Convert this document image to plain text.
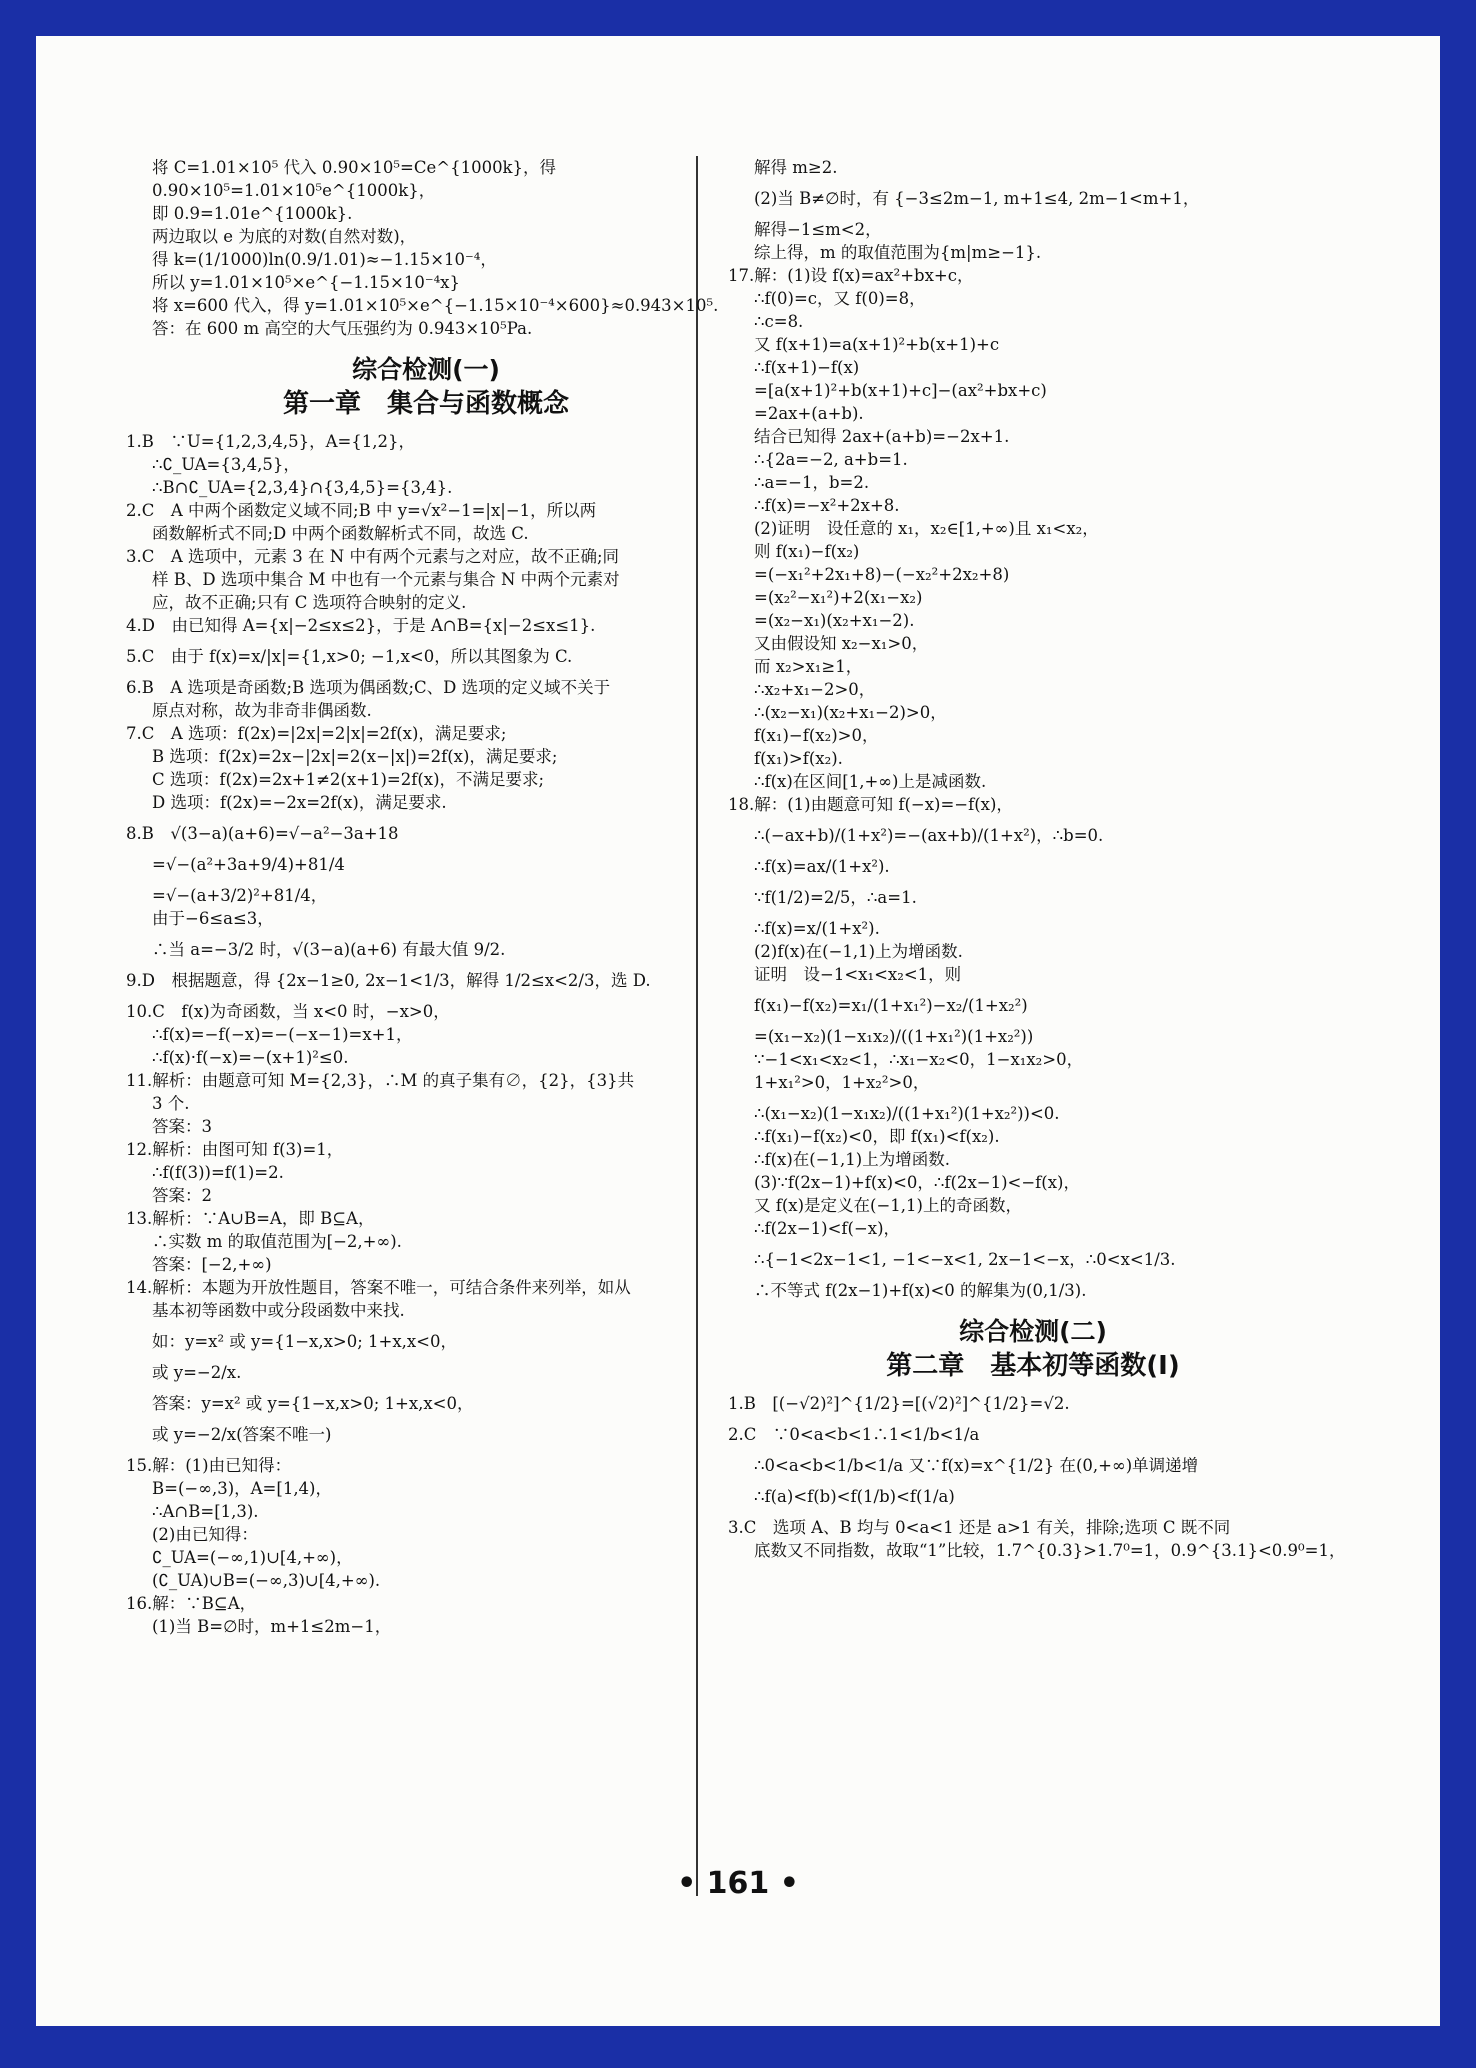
将 C=1.01×10⁵ 代入 0.90×10⁵=Ce^{1000k}，得
0.90×10⁵=1.01×10⁵e^{1000k}，
即 0.9=1.01e^{1000k}.
两边取以 e 为底的对数(自然对数)，
得 k=(1/1000)ln(0.9/1.01)≈−1.15×10⁻⁴，
所以 y=1.01×10⁵×e^{−1.15×10⁻⁴x}
将 x=600 代入，得 y=1.01×10⁵×e^{−1.15×10⁻⁴×600}≈0.943×10⁵.
答：在 600 m 高空的大气压强约为 0.943×10⁵Pa.
综合检测(一)
第一章　集合与函数概念
1.B　∵U={1,2,3,4,5}，A={1,2}，
∴∁_UA={3,4,5}，
∴B∩∁_UA={2,3,4}∩{3,4,5}={3,4}.
2.C　A 中两个函数定义域不同;B 中 y=√x²−1=|x|−1，所以两
函数解析式不同;D 中两个函数解析式不同，故选 C.
3.C　A 选项中，元素 3 在 N 中有两个元素与之对应，故不正确;同
样 B、D 选项中集合 M 中也有一个元素与集合 N 中两个元素对
应，故不正确;只有 C 选项符合映射的定义.
4.D　由已知得 A={x|−2≤x≤2}，于是 A∩B={x|−2≤x≤1}.
5.C　由于 f(x)=x/|x|={1,x>0; −1,x<0，所以其图象为 C.
6.B　A 选项是奇函数;B 选项为偶函数;C、D 选项的定义域不关于
原点对称，故为非奇非偶函数.
7.C　A 选项：f(2x)=|2x|=2|x|=2f(x)，满足要求;
B 选项：f(2x)=2x−|2x|=2(x−|x|)=2f(x)，满足要求;
C 选项：f(2x)=2x+1≠2(x+1)=2f(x)，不满足要求;
D 选项：f(2x)=−2x=2f(x)，满足要求.
8.B　√(3−a)(a+6)=√−a²−3a+18
=√−(a²+3a+9/4)+81/4
=√−(a+3/2)²+81/4，
由于−6≤a≤3，
∴当 a=−3/2 时，√(3−a)(a+6) 有最大值 9/2.
9.D　根据题意，得 {2x−1≥0, 2x−1<1/3，解得 1/2≤x<2/3，选 D.
10.C　f(x)为奇函数，当 x<0 时，−x>0，
∴f(x)=−f(−x)=−(−x−1)=x+1，
∴f(x)·f(−x)=−(x+1)²≤0.
11.解析：由题意可知 M={2,3}，∴M 的真子集有∅，{2}，{3}共
3 个.
答案：3
12.解析：由图可知 f(3)=1，
∴f(f(3))=f(1)=2.
答案：2
13.解析：∵A∪B=A，即 B⊆A，
∴实数 m 的取值范围为[−2,+∞).
答案：[−2,+∞)
14.解析：本题为开放性题目，答案不唯一，可结合条件来列举，如从
基本初等函数中或分段函数中来找.
如：y=x² 或 y={1−x,x>0; 1+x,x<0，
或 y=−2/x.
答案：y=x² 或 y={1−x,x>0; 1+x,x<0，
或 y=−2/x(答案不唯一)
15.解：(1)由已知得：
B=(−∞,3)，A=[1,4)，
∴A∩B=[1,3).
(2)由已知得：
∁_UA=(−∞,1)∪[4,+∞)，
(∁_UA)∪B=(−∞,3)∪[4,+∞).
16.解：∵B⊆A，
(1)当 B=∅时，m+1≤2m−1，
解得 m≥2.
(2)当 B≠∅时，有 {−3≤2m−1, m+1≤4, 2m−1<m+1，
解得−1≤m<2，
综上得，m 的取值范围为{m|m≥−1}.
17.解：(1)设 f(x)=ax²+bx+c，
∴f(0)=c，又 f(0)=8，
∴c=8.
又 f(x+1)=a(x+1)²+b(x+1)+c
∴f(x+1)−f(x)
=[a(x+1)²+b(x+1)+c]−(ax²+bx+c)
=2ax+(a+b).
结合已知得 2ax+(a+b)=−2x+1.
∴{2a=−2, a+b=1.
∴a=−1，b=2.
∴f(x)=−x²+2x+8.
(2)证明　设任意的 x₁，x₂∈[1,+∞)且 x₁<x₂，
则 f(x₁)−f(x₂)
=(−x₁²+2x₁+8)−(−x₂²+2x₂+8)
=(x₂²−x₁²)+2(x₁−x₂)
=(x₂−x₁)(x₂+x₁−2).
又由假设知 x₂−x₁>0，
而 x₂>x₁≥1，
∴x₂+x₁−2>0，
∴(x₂−x₁)(x₂+x₁−2)>0，
f(x₁)−f(x₂)>0，
f(x₁)>f(x₂).
∴f(x)在区间[1,+∞)上是减函数.
18.解：(1)由题意可知 f(−x)=−f(x)，
∴(−ax+b)/(1+x²)=−(ax+b)/(1+x²)，∴b=0.
∴f(x)=ax/(1+x²).
∵f(1/2)=2/5，∴a=1.
∴f(x)=x/(1+x²).
(2)f(x)在(−1,1)上为增函数.
证明　设−1<x₁<x₂<1，则
f(x₁)−f(x₂)=x₁/(1+x₁²)−x₂/(1+x₂²)
=(x₁−x₂)(1−x₁x₂)/((1+x₁²)(1+x₂²))
∵−1<x₁<x₂<1，∴x₁−x₂<0，1−x₁x₂>0，
1+x₁²>0，1+x₂²>0，
∴(x₁−x₂)(1−x₁x₂)/((1+x₁²)(1+x₂²))<0.
∴f(x₁)−f(x₂)<0，即 f(x₁)<f(x₂).
∴f(x)在(−1,1)上为增函数.
(3)∵f(2x−1)+f(x)<0，∴f(2x−1)<−f(x)，
又 f(x)是定义在(−1,1)上的奇函数，
∴f(2x−1)<f(−x)，
∴{−1<2x−1<1, −1<−x<1, 2x−1<−x，∴0<x<1/3.
∴不等式 f(2x−1)+f(x)<0 的解集为(0,1/3).
综合检测(二)
第二章　基本初等函数(I)
1.B　[(−√2)²]^{1/2}=[(√2)²]^{1/2}=√2.
2.C　∵0<a<b<1∴1<1/b<1/a
∴0<a<b<1/b<1/a 又∵f(x)=x^{1/2} 在(0,+∞)单调递增
∴f(a)<f(b)<f(1/b)<f(1/a)
3.C　选项 A、B 均与 0<a<1 还是 a>1 有关，排除;选项 C 既不同
底数又不同指数，故取“1”比较，1.7^{0.3}>1.7⁰=1，0.9^{3.1}<0.9⁰=1，
• 161 •
